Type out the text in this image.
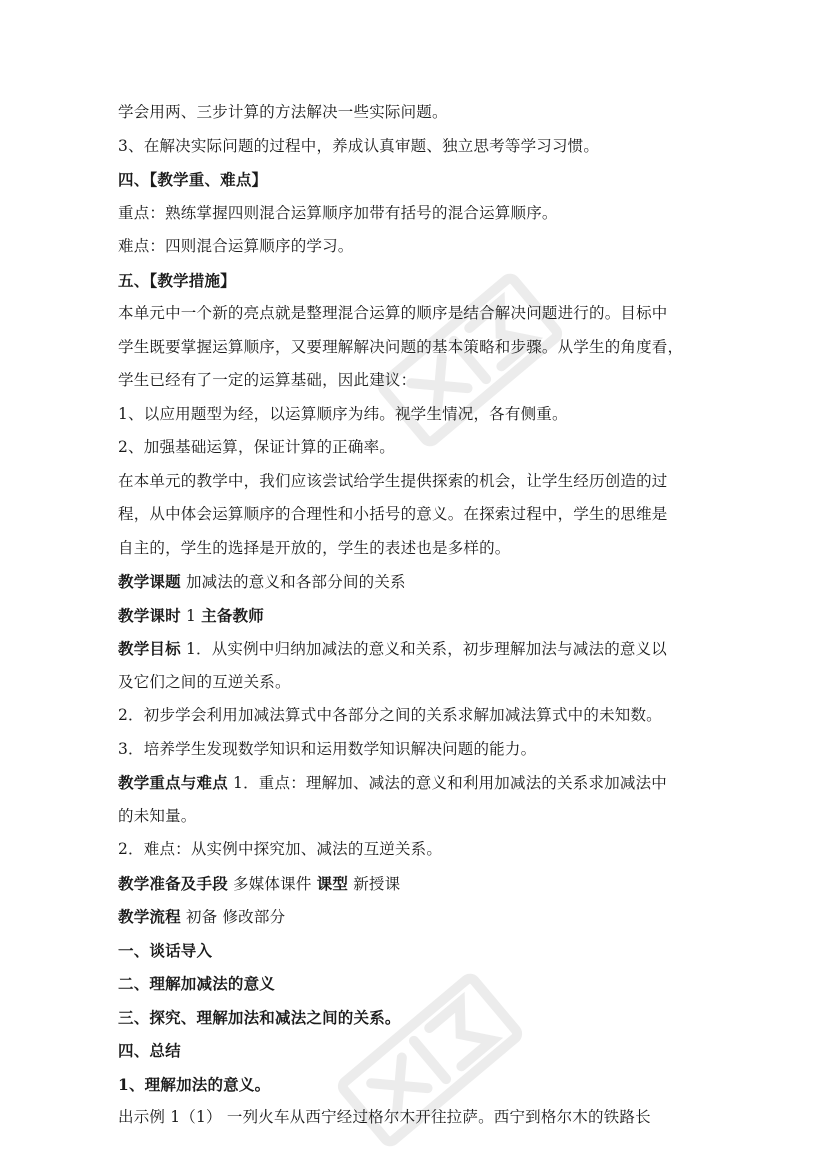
学会用两、三步计算的方法解决一些实际问题。
3、在解决实际问题的过程中，养成认真审题、独立思考等学习习惯。
四、【教学重、难点】
重点：熟练掌握四则混合运算顺序加带有括号的混合运算顺序。
难点：四则混合运算顺序的学习。
五、【教学措施】
本单元中一个新的亮点就是整理混合运算的顺序是结合解决问题进行的。目标中
学生既要掌握运算顺序，又要理解解决问题的基本策略和步骤。从学生的角度看，
学生已经有了一定的运算基础，因此建议：
1、以应用题型为经，以运算顺序为纬。视学生情况，各有侧重。
2、加强基础运算，保证计算的正确率。
在本单元的教学中，我们应该尝试给学生提供探索的机会，让学生经历创造的过
程，从中体会运算顺序的合理性和小括号的意义。在探索过程中，学生的思维是
自主的，学生的选择是开放的，学生的表述也是多样的。
教学课题 加减法的意义和各部分间的关系
教学课时 1 主备教师
教学目标 1．从实例中归纳加减法的意义和关系，初步理解加法与减法的意义以
及它们之间的互逆关系。
2．初步学会利用加减法算式中各部分之间的关系求解加减法算式中的未知数。
3．培养学生发现数学知识和运用数学知识解决问题的能力。
教学重点与难点 1．重点：理解加、减法的意义和利用加减法的关系求加减法中
的未知量。
2．难点：从实例中探究加、减法的互逆关系。
教学准备及手段 多媒体课件 课型 新授课
教学流程 初备 修改部分
一、谈话导入
二、理解加减法的意义
三、探究、理解加法和减法之间的关系。
四、总结
1、理解加法的意义。
出示例 1（1） 一列火车从西宁经过格尔木开往拉萨。西宁到格尔木的铁路长
